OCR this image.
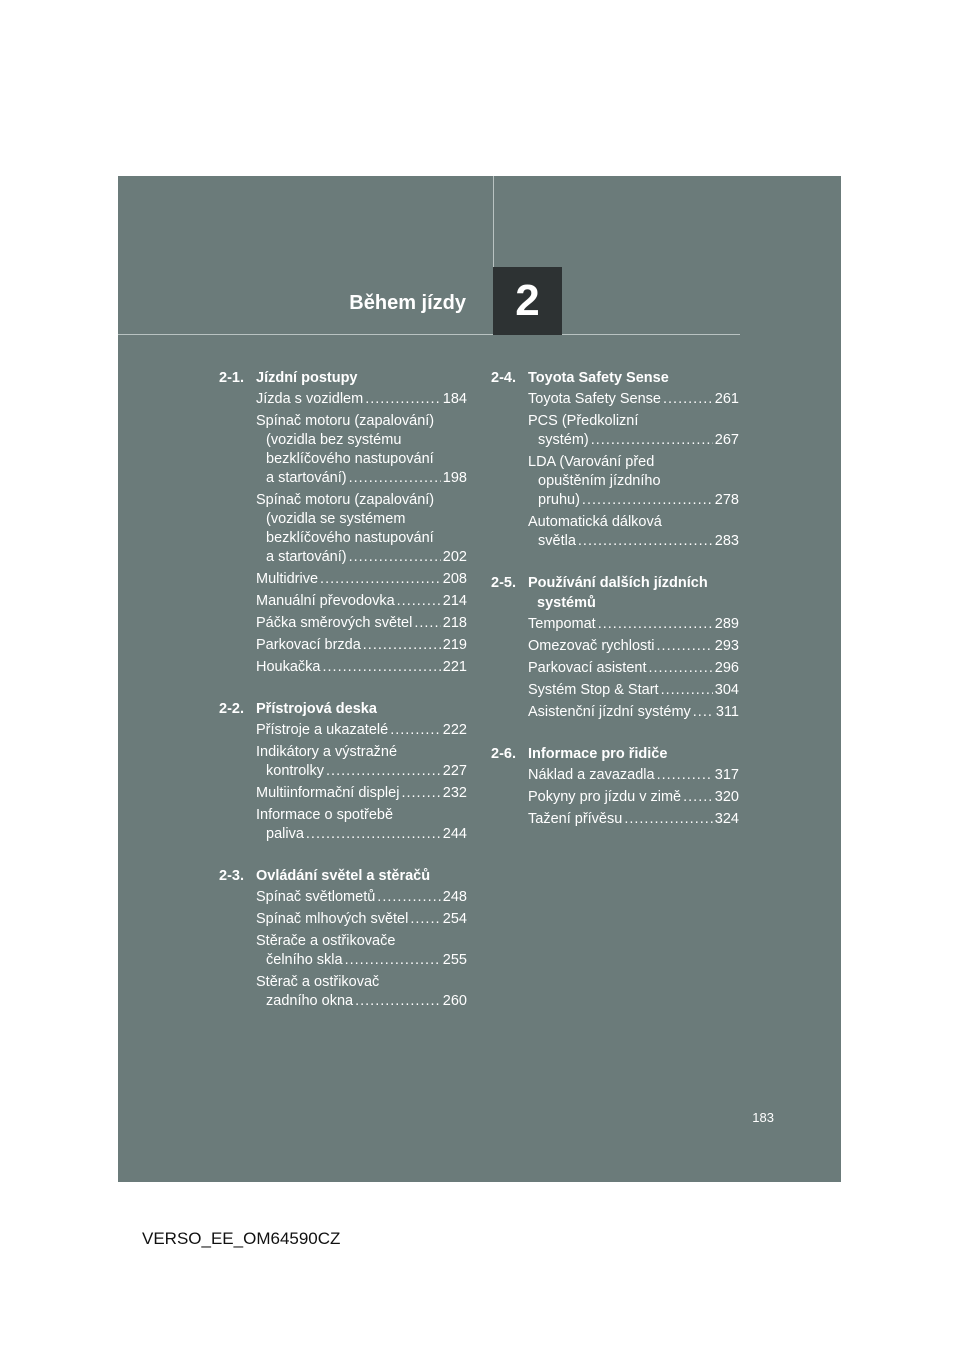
Během jízdy	2
2-1. Jízdní postupy
Jízda s vozidlem .....	184
Spínač motoru (zapalování)
(vozidla bez systému
bezklíčového nastupování
a startování) .....	198
Spínač motoru (zapalování)
(vozidla se systémem
bezklíčového nastupování
a startování) .....	202
Multidrive .....	208
Manuální převodovka .....	214
Páčka směrových světel ..... 218
Parkovací brzda .....	219
Houkačka .....	221
2-2. Přístrojová deska
Přístroje a ukazatelé .....	222
Indikátory a výstražné
kontrolky .....	227
Multiinformační displej .....	232
Informace o spotřebě
paliva .....	244
2-3. Ovládání světel a stěračů
Spínač světlometů .....	248
Spínač mlhových světel ..... 254
Stěrače a ostřikovače
čelního skla .....	255
Stěrač a ostřikovač
zadního okna .....	260
2-4. Toyota Safety Sense
Toyota Safety Sense .....	261
PCS (Předkolizní
systém) .....	267
LDA (Varování před
opuštěním jízdního
pruhu) .....	278
Automatická dálková
světla .....	283
2-5. Používání dalších jízdních

systémů
Tempomat .....	289
Omezovač rychlosti .....	293
Parkovací asistent .....	296
Systém Stop & Start .....	304
Asistenční jízdní systémy ..... 311
2-6. Informace pro řidiče
Náklad a zavazadla .....	317
Pokyny pro jízdu v zimě ..... 320
Tažení přívěsu .....	324
183
VERSO_EE_OM64590CZ
